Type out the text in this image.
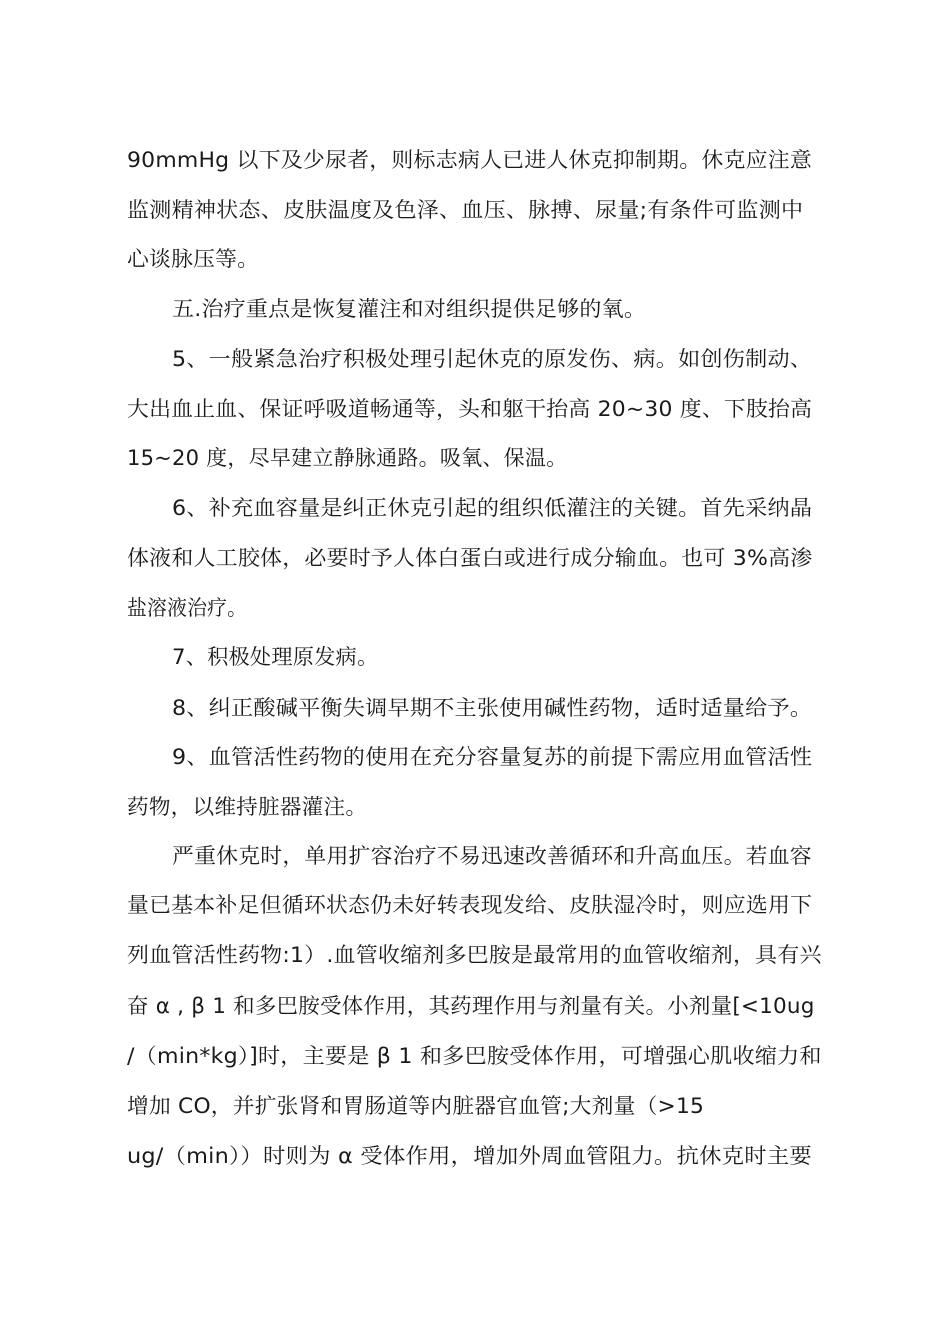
90mmHg 以下及少尿者，则标志病人已进人休克抑制期。休克应注意
监测精神状态、皮肤温度及色泽、血压、脉搏、尿量;有条件可监测中
心谈脉压等。
五.治疗重点是恢复灌注和对组织提供足够的氧。
5、一般紧急治疗积极处理引起休克的原发伤、病。如创伤制动、
大出血止血、保证呼吸道畅通等，头和躯干抬高 20~30 度、下肢抬高
15~20 度，尽早建立静脉通路。吸氧、保温。
6、补充血容量是纠正休克引起的组织低灌注的关键。首先采纳晶
体液和人工胶体，必要时予人体白蛋白或进行成分输血。也可 3%高渗
盐溶液治疗。
7、积极处理原发病。
8、纠正酸碱平衡失调早期不主张使用碱性药物，适时适量给予。
9、血管活性药物的使用在充分容量复苏的前提下需应用血管活性
药物，以维持脏器灌注。
严重休克时，单用扩容治疗不易迅速改善循环和升高血压。若血容
量已基本补足但循环状态仍未好转表现发给、皮肤湿冷时，则应选用下
列血管活性药物:1）.血管收缩剂多巴胺是最常用的血管收缩剂，具有兴
奋 α , β 1 和多巴胺受体作用，其药理作用与剂量有关。小剂量[<10ug
/（min*kg）]时，主要是 β 1 和多巴胺受体作用，可增强心肌收缩力和
增加 CO，并扩张肾和胃肠道等内脏器官血管;大剂量（>15
ug/（min））时则为 α 受体作用，增加外周血管阻力。抗休克时主要
